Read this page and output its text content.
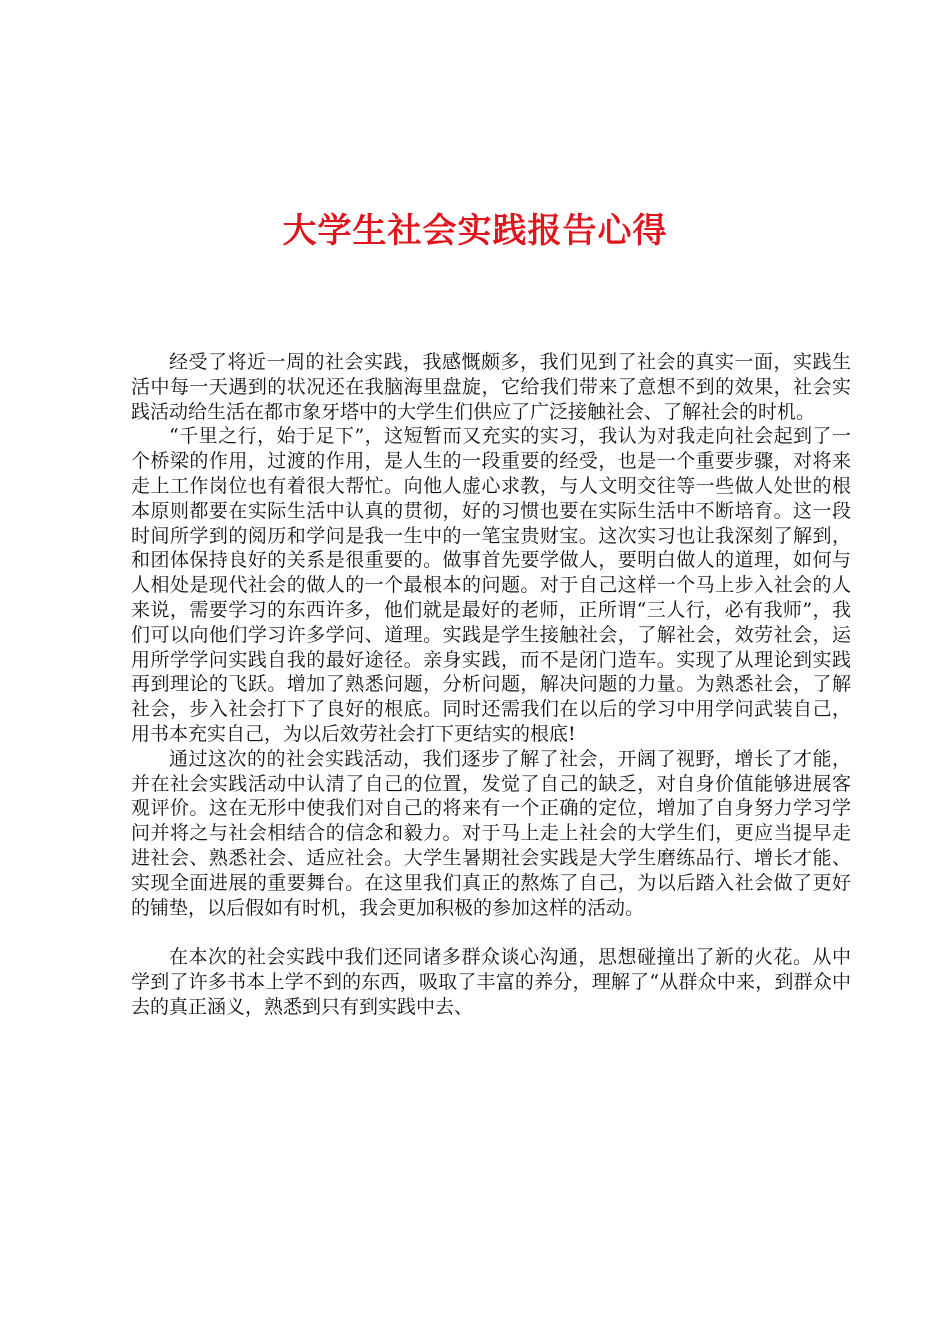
大学生社会实践报告心得

经受了将近一周的社会实践，我感慨颇多，我们见到了社会的真实一面，实践生活中每一天遇到的状况还在我脑海里盘旋，它给我们带来了意想不到的效果，社会实践活动给生活在都市象牙塔中的大学生们供应了广泛接触社会、了解社会的时机。

“千里之行，始于足下”，这短暂而又充实的实习，我认为对我走向社会起到了一个桥梁的作用，过渡的作用，是人生的一段重要的经受，也是一个重要步骤，对将来走上工作岗位也有着很大帮忙。向他人虚心求教，与人文明交往等一些做人处世的根本原则都要在实际生活中认真的贯彻，好的习惯也要在实际生活中不断培育。这一段时间所学到的阅历和学问是我一生中的一笔宝贵财宝。这次实习也让我深刻了解到，和团体保持良好的关系是很重要的。做事首先要学做人，要明白做人的道理，如何与人相处是现代社会的做人的一个最根本的问题。对于自己这样一个马上步入社会的人来说，需要学习的东西许多，他们就是最好的老师，正所谓“三人行，必有我师”，我们可以向他们学习许多学问、道理。实践是学生接触社会，了解社会，效劳社会，运用所学学问实践自我的最好途径。亲身实践，而不是闭门造车。实现了从理论到实践再到理论的飞跃。增加了熟悉问题，分析问题，解决问题的力量。为熟悉社会，了解社会，步入社会打下了良好的根底。同时还需我们在以后的学习中用学问武装自己，用书本充实自己，为以后效劳社会打下更结实的根底!

通过这次的的社会实践活动，我们逐步了解了社会，开阔了视野，增长了才能，并在社会实践活动中认清了自己的位置，发觉了自己的缺乏，对自身价值能够进展客观评价。这在无形中使我们对自己的将来有一个正确的定位，增加了自身努力学习学问并将之与社会相结合的信念和毅力。对于马上走上社会的大学生们，更应当提早走进社会、熟悉社会、适应社会。大学生暑期社会实践是大学生磨练品行、增长才能、实现全面进展的重要舞台。在这里我们真正的熬炼了自己，为以后踏入社会做了更好的铺垫，以后假如有时机，我会更加积极的参加这样的活动。

在本次的社会实践中我们还同诸多群众谈心沟通，思想碰撞出了新的火花。从中学到了许多书本上学不到的东西，吸取了丰富的养分，理解了“从群众中来，到群众中去的真正涵义，熟悉到只有到实践中去、
